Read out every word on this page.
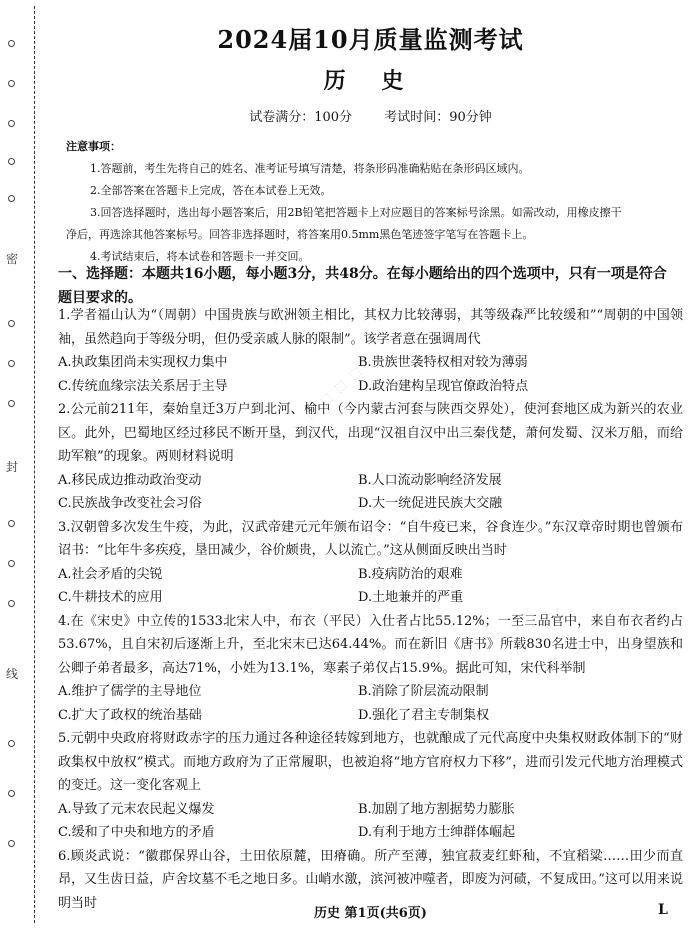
密
封
线
2024届10月质量监测考试
历 史
试卷满分：100分 考试时间：90分钟
注意事项：
1.答题前，考生先将自己的姓名、准考证号填写清楚，将条形码准确粘贴在条形码区域内。
2.全部答案在答题卡上完成，答在本试卷上无效。
3.回答选择题时，选出每小题答案后，用2B铅笔把答题卡上对应题目的答案标号涂黑。如需改动，用橡皮擦干
净后，再选涂其他答案标号。回答非选择题时，将答案用0.5mm黑色笔迹签字笔写在答题卡上。
4.考试结束后，将本试卷和答题卡一并交回。
一、选择题：本题共16小题，每小题3分，共48分。在每小题给出的四个选项中，只有一项是符合题目要求的。
1.学者福山认为“（周朝）中国贵族与欧洲领主相比，其权力比较薄弱，其等级森严比较缓和”“周朝的中国领袖，虽然趋向于等级分明，但仍受亲戚人脉的限制”。该学者意在强调周代
A.执政集团尚未实现权力集中	B.贵族世袭特权相对较为薄弱
C.传统血缘宗法关系居于主导	D.政治建构呈现官僚政治特点
2.公元前211年，秦始皇迁3万户到北河、榆中（今内蒙古河套与陕西交界处），使河套地区成为新兴的农业区。此外，巴蜀地区经过移民不断开垦，到汉代，出现“汉祖自汉中出三秦伐楚，萧何发蜀、汉米万船，而给助军粮”的现象。两则材料说明
A.移民成边推动政治变动	B.人口流动影响经济发展
C.民族战争改变社会习俗	D.大一统促进民族大交融
3.汉朝曾多次发生牛疫，为此，汉武帝建元元年颁布诏令：“自牛疫已来，谷食连少。”东汉章帝时期也曾颁布诏书：“比年牛多疾疫，垦田减少，谷价颇贵，人以流亡。”这从侧面反映出当时
A.社会矛盾的尖锐	B.疫病防治的艰难
C.牛耕技术的应用	D.土地兼并的严重
4.在《宋史》中立传的1533北宋人中，布衣（平民）入仕者占比55.12%；一至三品官中，来自布衣者约占53.67%，且自宋初后逐渐上升，至北宋末已达64.44%。而在新旧《唐书》所载830名进士中，出身望族和公卿子弟者最多，高达71%，小姓为13.1%，寒素子弟仅占15.9%。据此可知，宋代科举制
A.维护了儒学的主导地位	B.消除了阶层流动限制
C.扩大了政权的统治基础	D.强化了君主专制集权
5.元朝中央政府将财政赤字的压力通过各种途径转嫁到地方，也就酿成了元代高度中央集权财政体制下的“财政集权中放权”模式。而地方政府为了正常履职，也被迫将“地方官府权力下移”，进而引发元代地方治理模式的变迁。这一变化客观上
A.导致了元末农民起义爆发	B.加剧了地方割据势力膨胀
C.缓和了中央和地方的矛盾	D.有利于地方士绅群体崛起
6.顾炎武说：“徽郡保界山谷，土田依原麓，田瘠确。所产至薄，独宜菽麦红虾秈，不宜稻粱……田少而直昂，又生齿日益，庐舍坟墓不毛之地日多。山峭水激，滨河被冲噬者，即废为河碛，不复成田。”这可以用来说明当时
⬚ ⬚ ⬚ ⬚
⬚ ⬚ ⬚ ⬚
历史 第1页(共6页)	L
